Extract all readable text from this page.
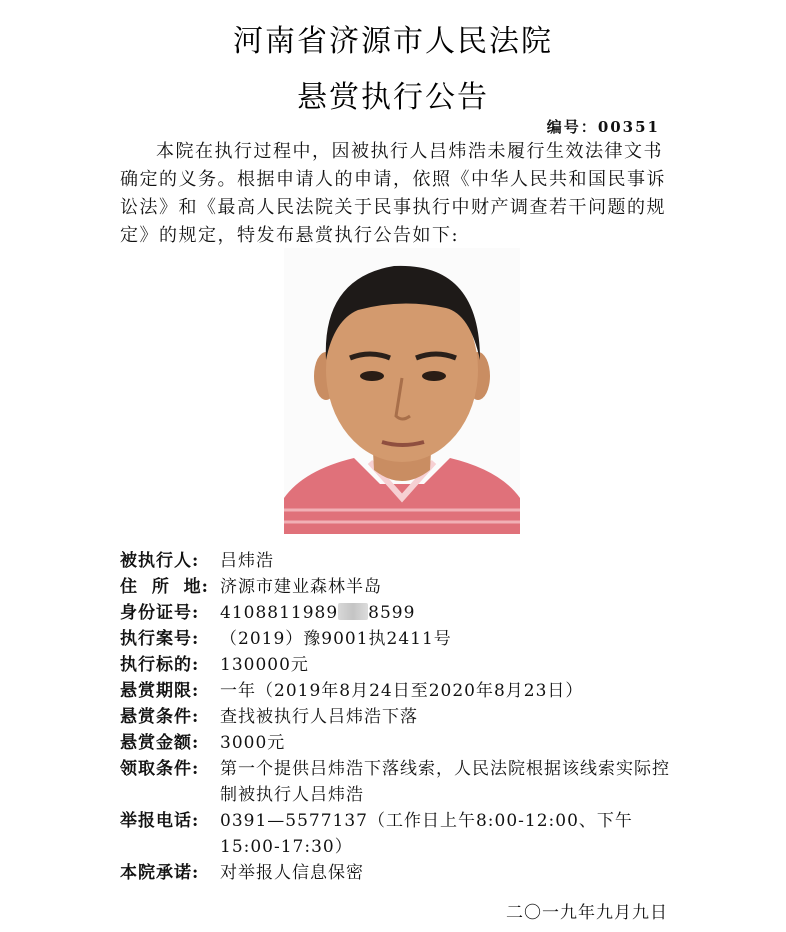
河南省济源市人民法院
悬赏执行公告
编号：00351

本院在执行过程中，因被执行人吕炜浩未履行生效法律文书确定的义务。根据申请人的申请，依照《中华人民共和国民事诉讼法》和《最高人民法院关于民事执行中财产调查若干问题的规定》的规定，特发布悬赏执行公告如下:

被执行人:	吕炜浩
住  所  地: 济源市建业森林半岛
身份证号:	4108811989 8599
执行案号:	（2019）豫9001执2411号
执行标的:	130000元
悬赏期限:	一年（2019年8月24日至2020年8月23日）
悬赏条件:	查找被执行人吕炜浩下落
悬赏金额:	3000元
领取条件:	第一个提供吕炜浩下落线索，人民法院根据该线索实际控制被执行人吕炜浩
举报电话:	0391—5577137（工作日上午8:00-12:00、下午15:00-17:30）
本院承诺:	对举报人信息保密
二〇一九年九月九日
